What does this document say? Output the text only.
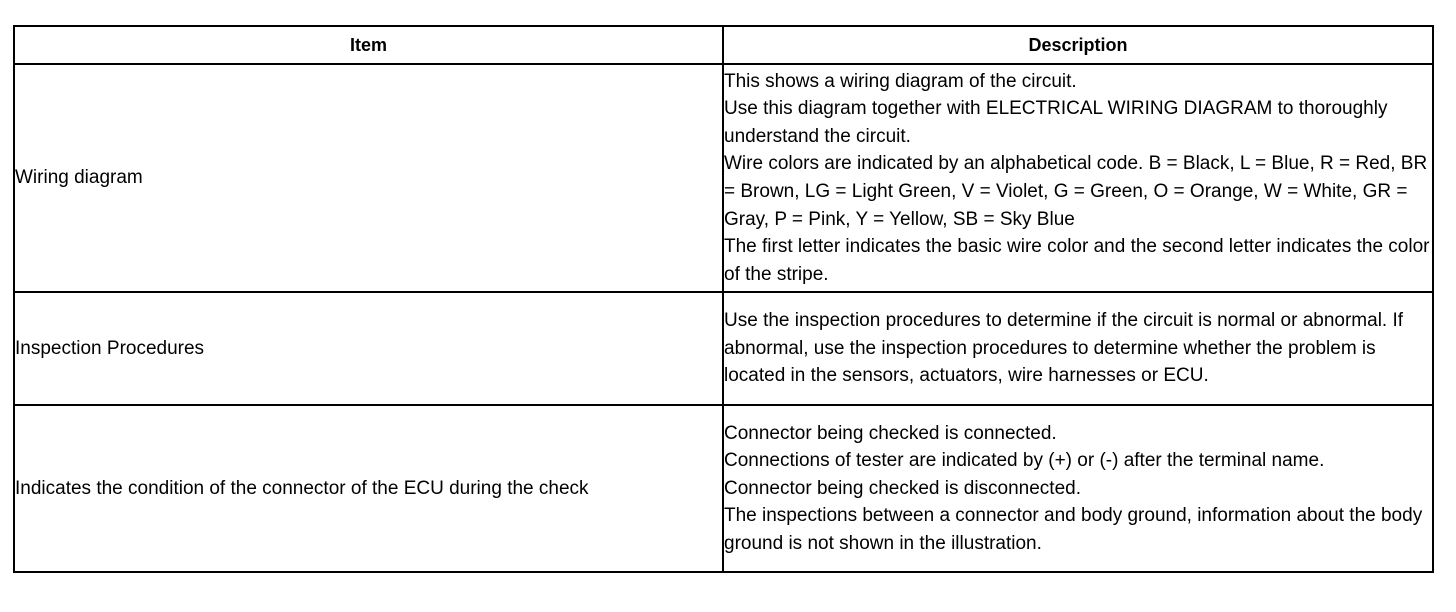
Item	Description
Wiring diagram	This shows a wiring diagram of the circuit.
Use this diagram together with ELECTRICAL WIRING DIAGRAM to thoroughly understand the circuit.
Wire colors are indicated by an alphabetical code. B = Black, L = Blue, R = Red, BR = Brown, LG = Light Green, V = Violet, G = Green, O = Orange, W = White, GR = Gray, P = Pink, Y = Yellow, SB = Sky Blue
The first letter indicates the basic wire color and the second letter indicates the color of the stripe.

Inspection Procedures	Use the inspection procedures to determine if the circuit is normal or abnormal. If abnormal, use the inspection procedures to determine whether the problem is located in the sensors, actuators, wire harnesses or ECU.

Indicates the condition of the connector of the ECU during the check	Connector being checked is connected.
Connections of tester are indicated by (+) or (-) after the terminal name.
Connector being checked is disconnected.
The inspections between a connector and body ground, information about the body ground is not shown in the illustration.
